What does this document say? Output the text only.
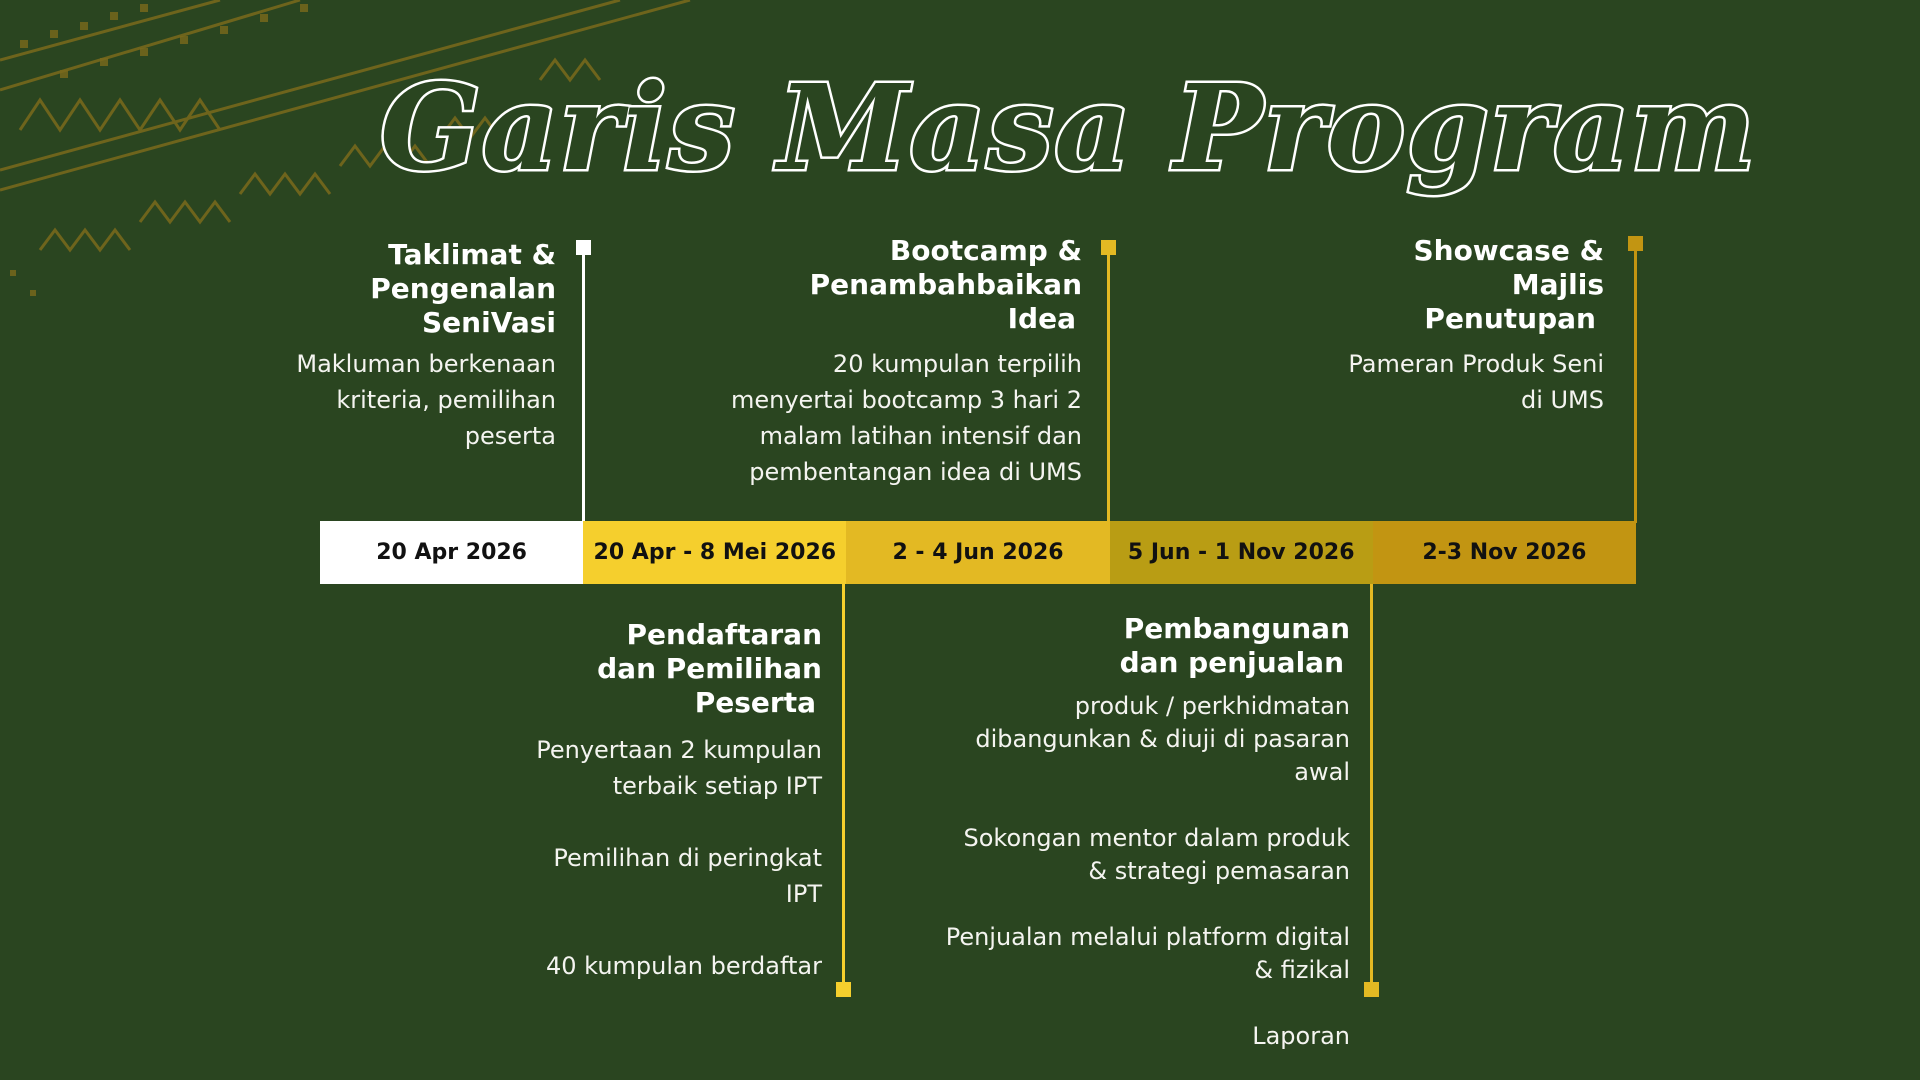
Garis Masa Program
20 Apr 2026	20 Apr - 8 Mei 2026	2 - 4 Jun 2026	5 Jun - 1 Nov 2026	2-3 Nov 2026
Taklimat &
Pengenalan
SeniVasi

Makluman berkenaan
kriteria, pemilihan
peserta

Bootcamp &
Penambahbaikan
Idea

20 kumpulan terpilih
menyertai bootcamp 3 hari 2
malam latihan intensif dan
pembentangan idea di UMS

Showcase &
Majlis
Penutupan

Pameran Produk Seni
di UMS

Pendaftaran
dan Pemilihan
Peserta

Penyertaan 2 kumpulan
terbaik setiap IPT

Pemilihan di peringkat
IPT

40 kumpulan berdaftar

Pembangunan
dan penjualan

produk / perkhidmatan
dibangunkan & diuji di pasaran
awal

Sokongan mentor dalam produk
& strategi pemasaran

Penjualan melalui platform digital
& fizikal

Laporan
